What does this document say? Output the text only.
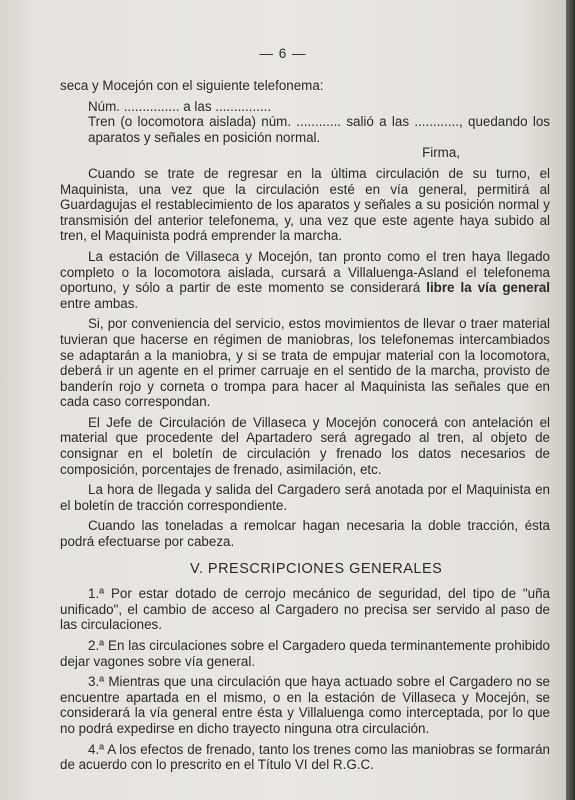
— 6 —

seca y Mocejón con el siguiente telefonema:

Núm. ............... a las ...............

Tren (o locomotora aislada) núm. ............ salió a las ............, quedando los aparatos y señales en posición normal.

Firma,

Cuando se trate de regresar en la última circulación de su turno, el Maquinista, una vez que la circulación esté en vía general, permitirá al Guardagujas el restablecimiento de los aparatos y señales a su posición normal y transmisión del anterior telefonema, y, una vez que este agente haya subido al tren, el Maquinista podrá emprender la marcha.

La estación de Villaseca y Mocejón, tan pronto como el tren haya llegado completo o la locomotora aislada, cursará a Villaluenga-Asland el telefonema oportuno, y sólo a partir de este momento se considerará libre la vía general entre ambas.

Si, por conveniencia del servicio, estos movimientos de llevar o traer material tuvieran que hacerse en régimen de maniobras, los telefonemas intercambiados se adaptarán a la maniobra, y si se trata de empujar material con la locomotora, deberá ir un agente en el primer carruaje en el sentido de la marcha, provisto de banderín rojo y corneta o trompa para hacer al Maquinista las señales que en cada caso correspondan.

El Jefe de Circulación de Villaseca y Mocejón conocerá con antelación el material que procedente del Apartadero será agregado al tren, al objeto de consignar en el boletín de circulación y frenado los datos necesarios de composición, porcentajes de frenado, asimilación, etc.

La hora de llegada y salida del Cargadero será anotada por el Maquinista en el boletín de tracción correspondiente.

Cuando las toneladas a remolcar hagan necesaria la doble tracción, ésta podrá efectuarse por cabeza.

V. PRESCRIPCIONES GENERALES

1.ª Por estar dotado de cerrojo mecánico de seguridad, del tipo de "uña unificado", el cambio de acceso al Cargadero no precisa ser servido al paso de las circulaciones.

2.ª En las circulaciones sobre el Cargadero queda terminantemente prohibido dejar vagones sobre vía general.

3.ª Mientras que una circulación que haya actuado sobre el Cargadero no se encuentre apartada en el mismo, o en la estación de Villaseca y Mocejón, se considerará la vía general entre ésta y Villaluenga como interceptada, por lo que no podrá expedirse en dicho trayecto ninguna otra circulación.

4.ª A los efectos de frenado, tanto los trenes como las maniobras se formarán de acuerdo con lo prescrito en el Título VI del R.G.C.
